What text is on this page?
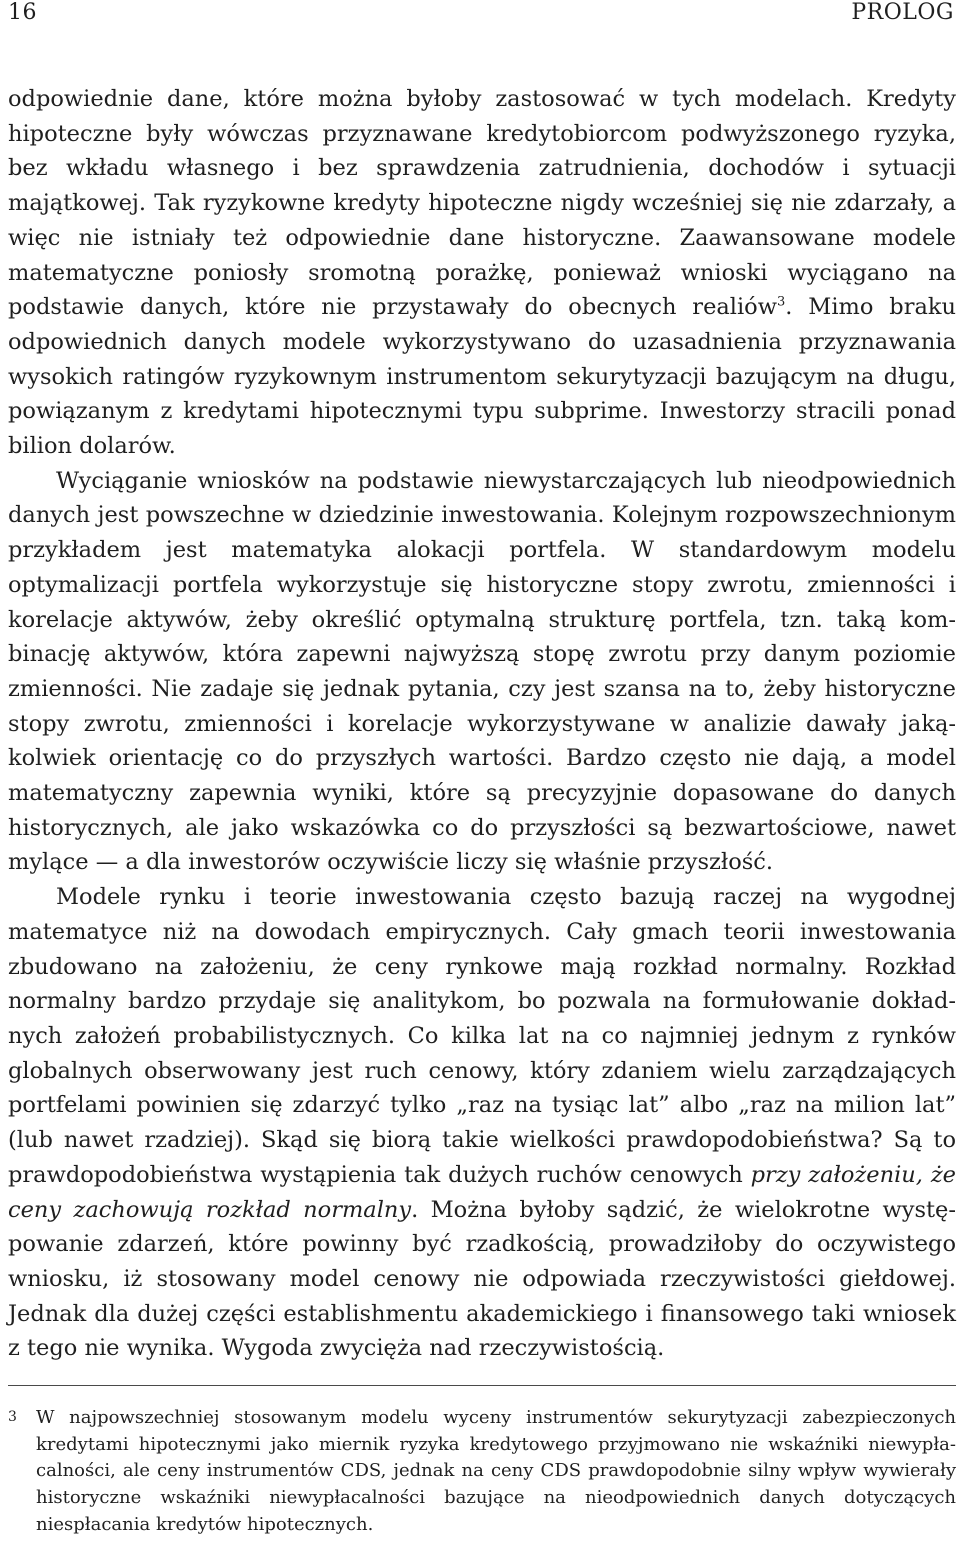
16	PROLOG

odpowiednie dane, które można byłoby zastosować w tych modelach. Kredyty hipoteczne były wówczas przyznawane kredytobiorcom podwyższonego ryzyka, bez wkładu własnego i bez sprawdzenia zatrudnienia, dochodów i sytuacji majątkowej. Tak ryzykowne kredyty hipoteczne nigdy wcześniej się nie zdarzały, a więc nie istniały też odpowiednie dane historyczne. Zaawansowane modele matematyczne poniosły sromotną porażkę, ponieważ wnioski wyciągano na podstawie danych, które nie przystawały do obecnych realiów$^3$. Mimo braku odpowiednich danych modele wykorzystywano do uzasadnienia przyznawania wysokich ratingów ryzykownym instrumentom sekurytyzacji bazującym na długu, powiązanym z kredytami hipotecznymi typu subprime. Inwestorzy stracili ponad bilion dolarów.

Wyciąganie wniosków na podstawie niewystarczających lub nieodpowiednich danych jest powszechne w dziedzinie inwestowania. Kolejnym rozpowszechnionym przykładem jest matematyka alokacji portfela. W standardowym modelu optymalizacji portfela wykorzystuje się historyczne stopy zwrotu, zmienności i korelacje aktywów, żeby określić optymalną strukturę portfela, tzn. taką kombinację aktywów, która zapewni najwyższą stopę zwrotu przy danym poziomie zmienności. Nie zadaje się jednak pytania, czy jest szansa na to, żeby historyczne stopy zwrotu, zmienności i korelacje wykorzystywane w analizie dawały jakąkolwiek orientację co do przyszłych wartości. Bardzo często nie dają, a model matematyczny zapewnia wyniki, które są precyzyjnie dopasowane do danych historycznych, ale jako wskazówka co do przyszłości są bezwartościowe, nawet mylące — a dla inwestorów oczywiście liczy się właśnie przyszłość.

Modele rynku i teorie inwestowania często bazują raczej na wygodnej matematyce niż na dowodach empirycznych. Cały gmach teorii inwestowania zbudowano na założeniu, że ceny rynkowe mają rozkład normalny. Rozkład normalny bardzo przydaje się analitykom, bo pozwala na formułowanie dokładnych założeń probabilistycznych. Co kilka lat na co najmniej jednym z rynków globalnych obserwowany jest ruch cenowy, który zdaniem wielu zarządzających portfelami powinien się zdarzyć tylko „raz na tysiąc lat” albo „raz na milion lat” (lub nawet rzadziej). Skąd się biorą takie wielkości prawdopodobieństwa? Są to prawdopodobieństwa wystąpienia tak dużych ruchów cenowych przy założeniu, że ceny zachowują rozkład normalny. Można byłoby sądzić, że wielokrotne występowanie zdarzeń, które powinny być rzadkością, prowadziłoby do oczywistego wniosku, iż stosowany model cenowy nie odpowiada rzeczywistości giełdowej. Jednak dla dużej części establishmentu akademickiego i finansowego taki wniosek z tego nie wynika. Wygoda zwycięża nad rzeczywistością.

3	W najpowszechniej stosowanym modelu wyceny instrumentów sekurytyzacji zabezpieczonych kredytami hipotecznymi jako miernik ryzyka kredytowego przyjmowano nie wskaźniki niewypłacalności, ale ceny instrumentów CDS, jednak na ceny CDS prawdopodobnie silny wpływ wywierały historyczne wskaźniki niewypłacalności bazujące na nieodpowiednich danych dotyczących niespłacania kredytów hipotecznych.
